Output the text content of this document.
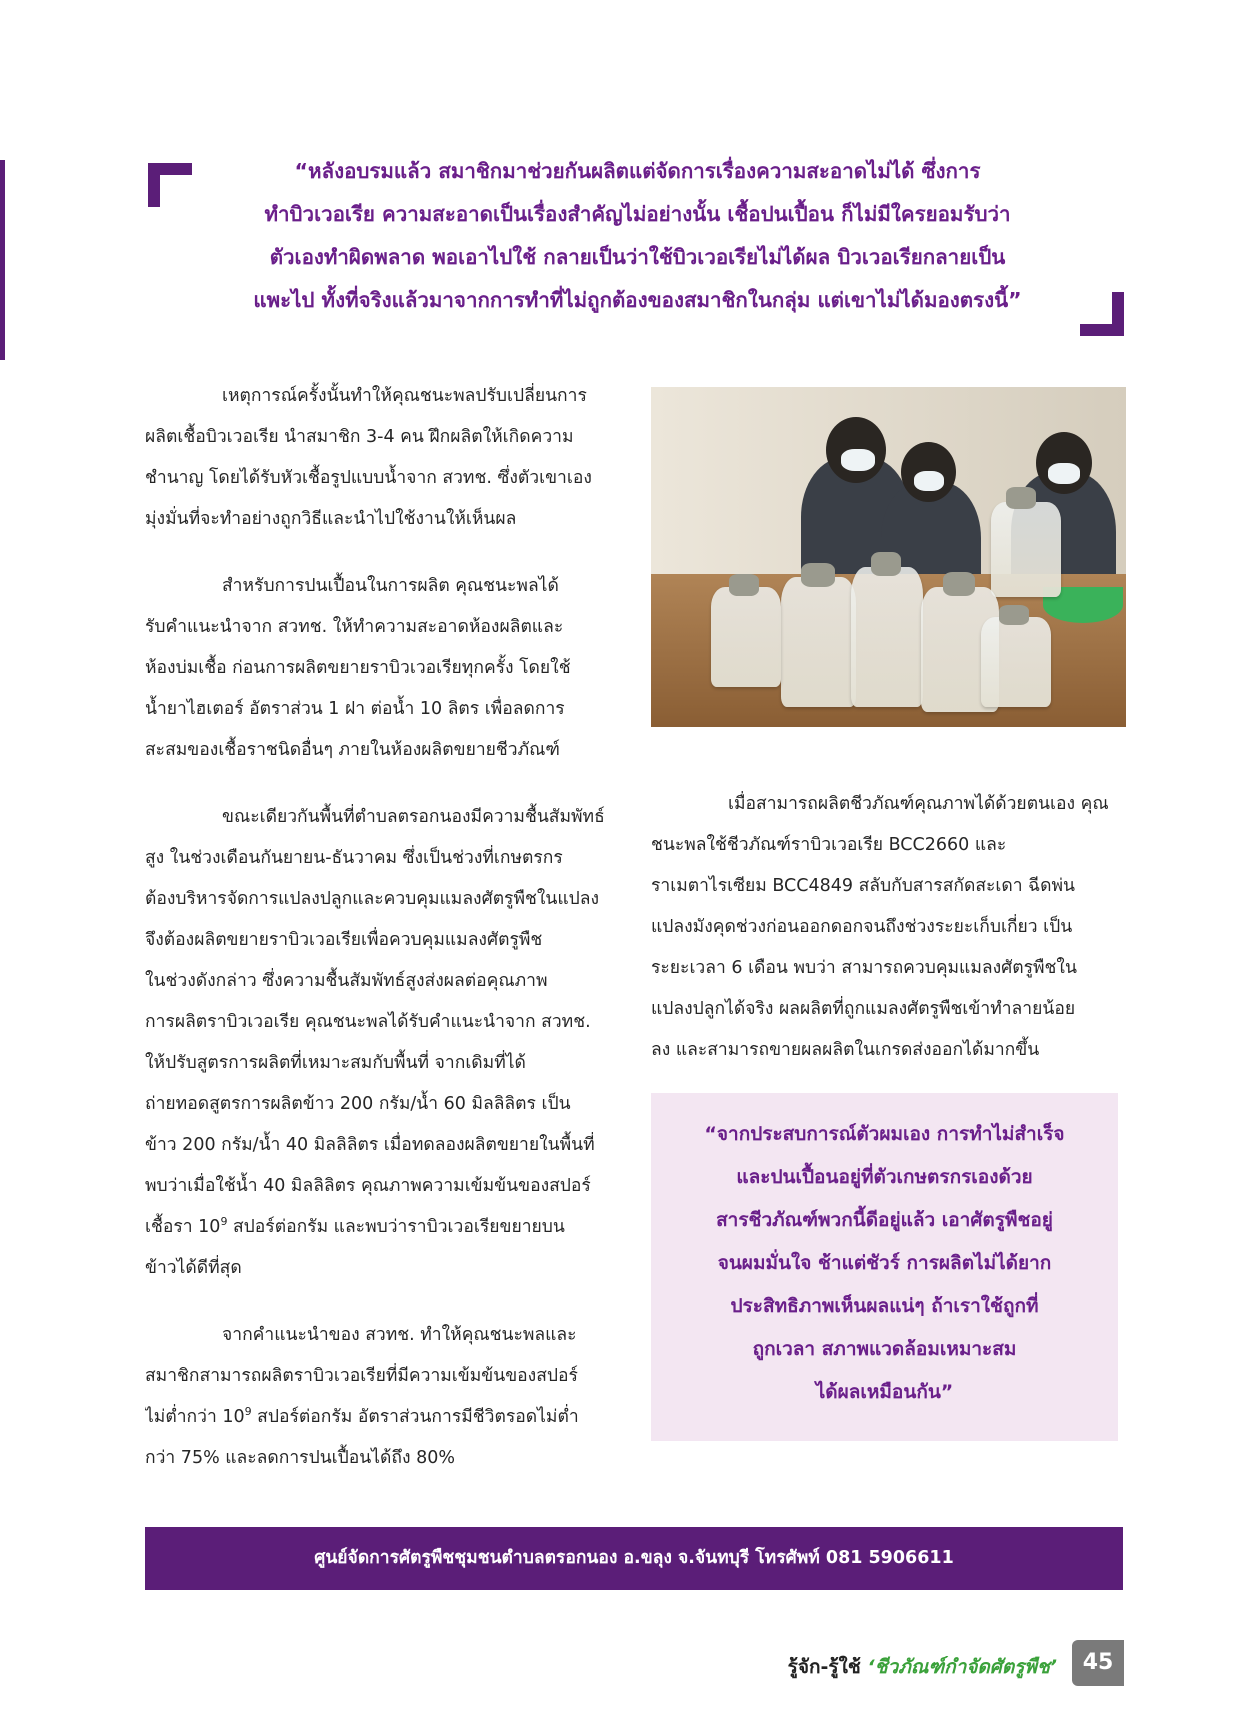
“หลังอบรมแล้ว สมาชิกมาช่วยกันผลิตแต่จัดการเรื่องความสะอาดไม่ได้ ซึ่งการ
ทำบิวเวอเรีย ความสะอาดเป็นเรื่องสำคัญไม่อย่างนั้น เชื้อปนเปื้อน ก็ไม่มีใครยอมรับว่า
ตัวเองทำผิดพลาด พอเอาไปใช้ กลายเป็นว่าใช้บิวเวอเรียไม่ได้ผล บิวเวอเรียกลายเป็น
แพะไป ทั้งที่จริงแล้วมาจากการทำที่ไม่ถูกต้องของสมาชิกในกลุ่ม แต่เขาไม่ได้มองตรงนี้”

เหตุการณ์ครั้งนั้นทำให้คุณชนะพลปรับเปลี่ยนการ
ผลิตเชื้อบิวเวอเรีย นำสมาชิก 3-4 คน ฝึกผลิตให้เกิดความ
ชำนาญ โดยได้รับหัวเชื้อรูปแบบน้ำจาก สวทช. ซึ่งตัวเขาเอง
มุ่งมั่นที่จะทำอย่างถูกวิธีและนำไปใช้งานให้เห็นผล

สำหรับการปนเปื้อนในการผลิต คุณชนะพลได้
รับคำแนะนำจาก สวทช. ให้ทำความสะอาดห้องผลิตและ
ห้องบ่มเชื้อ ก่อนการผลิตขยายราบิวเวอเรียทุกครั้ง โดยใช้
น้ำยาไฮเตอร์ อัตราส่วน 1 ฝา ต่อน้ำ 10 ลิตร เพื่อลดการ
สะสมของเชื้อราชนิดอื่นๆ ภายในห้องผลิตขยายชีวภัณฑ์

ขณะเดียวกันพื้นที่ตำบลตรอกนองมีความชื้นสัมพัทธ์
สูง ในช่วงเดือนกันยายน-ธันวาคม ซึ่งเป็นช่วงที่เกษตรกร
ต้องบริหารจัดการแปลงปลูกและควบคุมแมลงศัตรูพืชในแปลง
จึงต้องผลิตขยายราบิวเวอเรียเพื่อควบคุมแมลงศัตรูพืช
ในช่วงดังกล่าว ซึ่งความชื้นสัมพัทธ์สูงส่งผลต่อคุณภาพ
การผลิตราบิวเวอเรีย คุณชนะพลได้รับคำแนะนำจาก สวทช.
ให้ปรับสูตรการผลิตที่เหมาะสมกับพื้นที่ จากเดิมที่ได้
ถ่ายทอดสูตรการผลิตข้าว 200 กรัม/น้ำ 60 มิลลิลิตร เป็น
ข้าว 200 กรัม/น้ำ 40 มิลลิลิตร เมื่อทดลองผลิตขยายในพื้นที่
พบว่าเมื่อใช้น้ำ 40 มิลลิลิตร คุณภาพความเข้มข้นของสปอร์
เชื้อรา $10^9$ สปอร์ต่อกรัม และพบว่าราบิวเวอเรียขยายบน
ข้าวได้ดีที่สุด

จากคำแนะนำของ สวทช. ทำให้คุณชนะพลและ
สมาชิกสามารถผลิตราบิวเวอเรียที่มีความเข้มข้นของสปอร์
ไม่ต่ำกว่า $10^9$ สปอร์ต่อกรัม อัตราส่วนการมีชีวิตรอดไม่ต่ำ
กว่า 75% และลดการปนเปื้อนได้ถึง 80%

เมื่อสามารถผลิตชีวภัณฑ์คุณภาพได้ด้วยตนเอง คุณ
ชนะพลใช้ชีวภัณฑ์ราบิวเวอเรีย BCC2660 และ
ราเมตาไรเซียม BCC4849 สลับกับสารสกัดสะเดา ฉีดพ่น
แปลงมังคุดช่วงก่อนออกดอกจนถึงช่วงระยะเก็บเกี่ยว เป็น
ระยะเวลา 6 เดือน พบว่า สามารถควบคุมแมลงศัตรูพืชใน
แปลงปลูกได้จริง ผลผลิตที่ถูกแมลงศัตรูพืชเข้าทำลายน้อย
ลง และสามารถขายผลผลิตในเกรดส่งออกได้มากขึ้น

“จากประสบการณ์ตัวผมเอง การทำไม่สำเร็จ
และปนเปื้อนอยู่ที่ตัวเกษตรกรเองด้วย
สารชีวภัณฑ์พวกนี้ดีอยู่แล้ว เอาศัตรูพืชอยู่
จนผมมั่นใจ ช้าแต่ชัวร์ การผลิตไม่ได้ยาก
ประสิทธิภาพเห็นผลแน่ๆ ถ้าเราใช้ถูกที่
ถูกเวลา สภาพแวดล้อมเหมาะสม
ได้ผลเหมือนกัน”
ศูนย์จัดการศัตรูพืชชุมชนตำบลตรอกนอง อ.ขลุง จ.จันทบุรี โทรศัพท์ 081 5906611
รู้จัก-รู้ใช้ ‘ชีวภัณฑ์กำจัดศัตรูพืช’	45
